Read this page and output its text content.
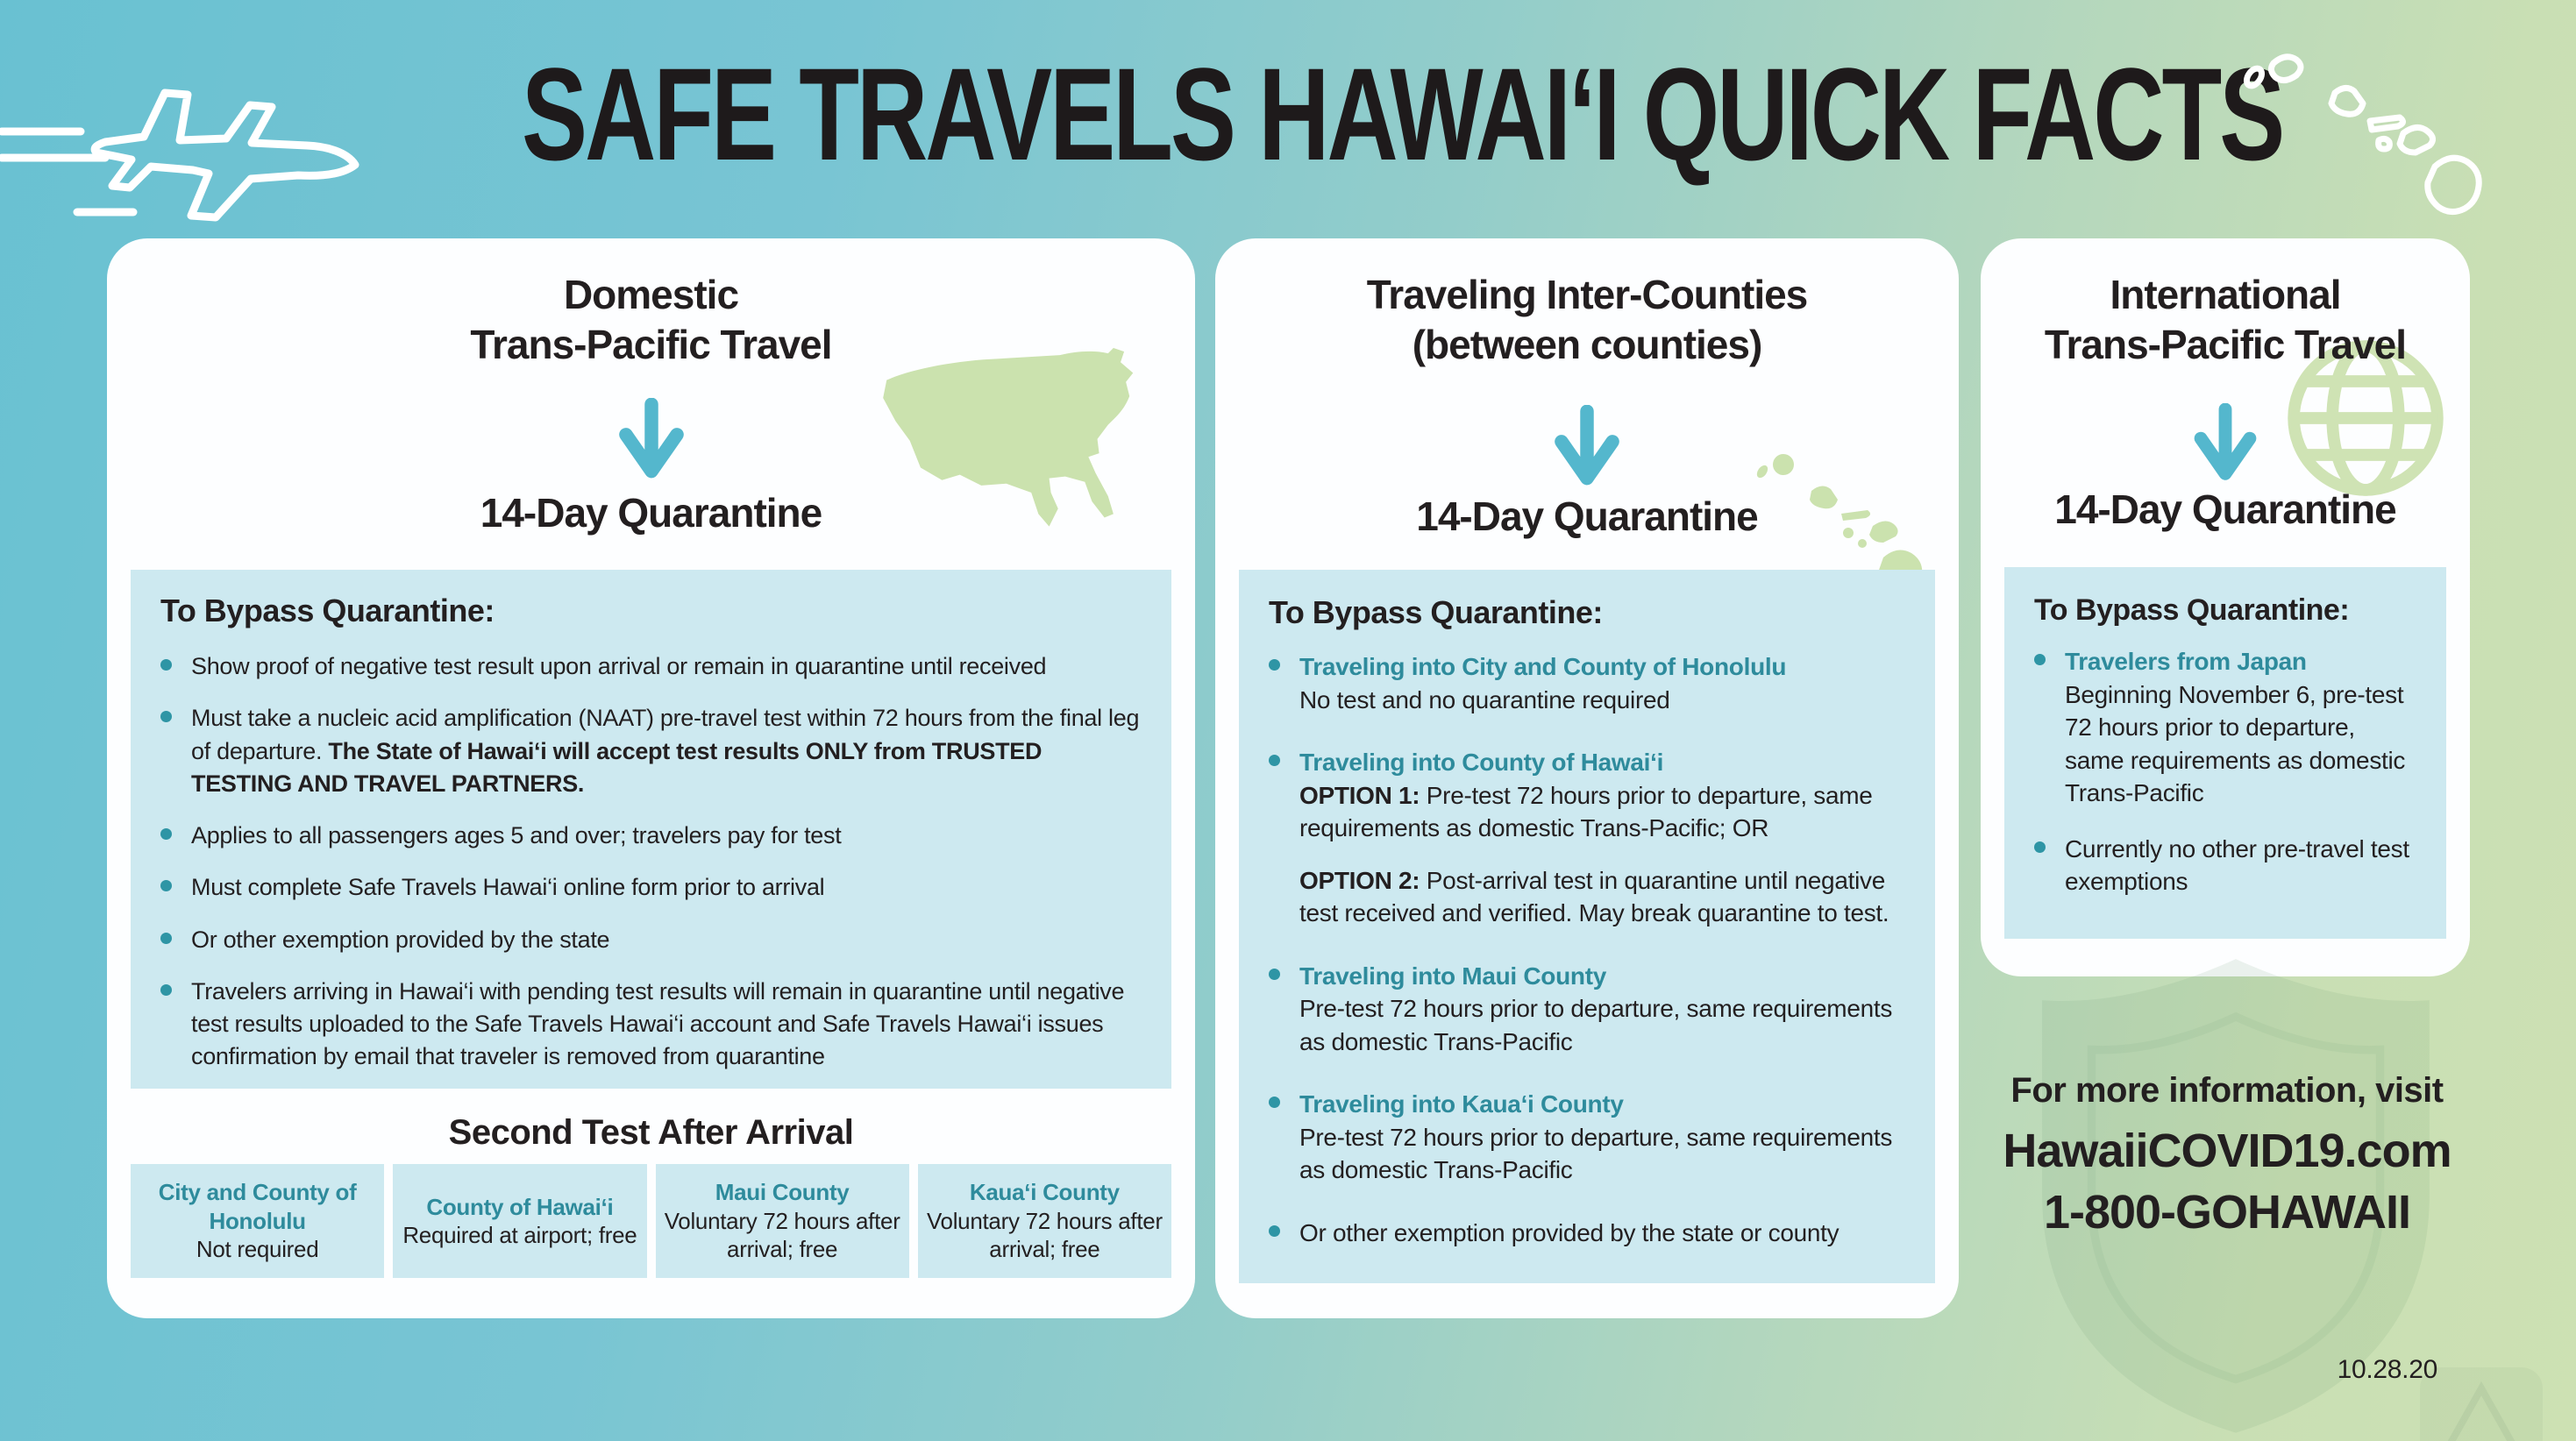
SAFE TRAVELS HAWAI‘I QUICK FACTS
Domestic
Trans-Pacific Travel
14-Day Quarantine
To Bypass Quarantine:
Show proof of negative test result upon arrival or remain in quarantine until received
Must take a nucleic acid amplification (NAAT) pre-travel test within 72 hours from the final leg of departure. The State of Hawai‘i will accept test results ONLY from TRUSTED TESTING AND TRAVEL PARTNERS.
Applies to all passengers ages 5 and over; travelers pay for test
Must complete Safe Travels Hawai‘i online form prior to arrival
Or other exemption provided by the state
Travelers arriving in Hawai‘i with pending test results will remain in quarantine until negative test results uploaded to the Safe Travels Hawai‘i account and Safe Travels Hawai‘i issues confirmation by email that traveler is removed from quarantine
Second Test After Arrival
City and County of Honolulu
Not required
County of Hawai‘i
Required at airport; free
Maui County
Voluntary 72 hours after arrival; free
Kaua‘i County
Voluntary 72 hours after arrival; free
Traveling Inter-Counties
(between counties)
14-Day Quarantine
To Bypass Quarantine:
Traveling into City and County of Honolulu
No test and no quarantine required
Traveling into County of Hawai‘i
OPTION 1: Pre-test 72 hours prior to departure, same requirements as domestic Trans-Pacific; OR
OPTION 2: Post-arrival test in quarantine until negative test received and verified. May break quarantine to test.
Traveling into Maui County
Pre-test 72 hours prior to departure, same requirements as domestic Trans-Pacific
Traveling into Kaua‘i County
Pre-test 72 hours prior to departure, same requirements as domestic Trans-Pacific
Or other exemption provided by the state or county
International
Trans-Pacific Travel
14-Day Quarantine
To Bypass Quarantine:
Travelers from Japan
Beginning November 6, pre-test 72 hours prior to departure, same requirements as domestic Trans-Pacific
Currently no other pre-travel test exemptions
For more information, visit
HawaiiCOVID19.com
1-800-GOHAWAII
10.28.20
